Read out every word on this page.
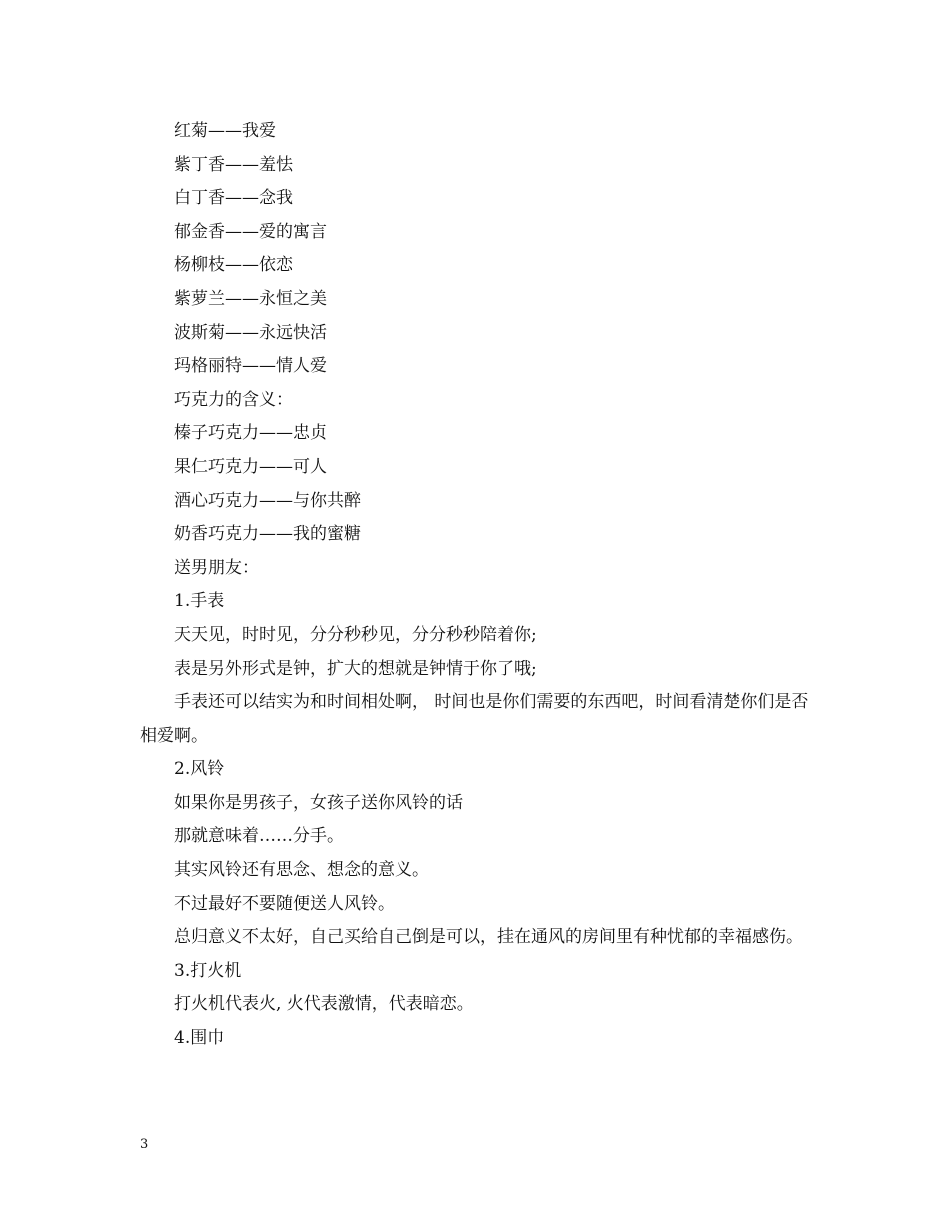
红菊——我爱

紫丁香——羞怯

白丁香——念我

郁金香——爱的寓言

杨柳枝——依恋

紫萝兰——永恒之美

波斯菊——永远快活

玛格丽特——情人爱

巧克力的含义：

榛子巧克力——忠贞

果仁巧克力——可人

酒心巧克力——与你共醉

奶香巧克力——我的蜜糖

送男朋友：

1.手表

天天见，时时见，分分秒秒见，分分秒秒陪着你;

表是另外形式是钟，扩大的想就是钟情于你了哦;

手表还可以结实为和时间相处啊， 时间也是你们需要的东西吧，时间看清楚你们是否相爱啊。

2.风铃

如果你是男孩子，女孩子送你风铃的话

那就意味着……分手。

其实风铃还有思念、想念的意义。

不过最好不要随便送人风铃。

总归意义不太好，自己买给自己倒是可以，挂在通风的房间里有种忧郁的幸福感伤。

3.打火机

打火机代表火, 火代表激情，代表暗恋。

4.围巾

3
